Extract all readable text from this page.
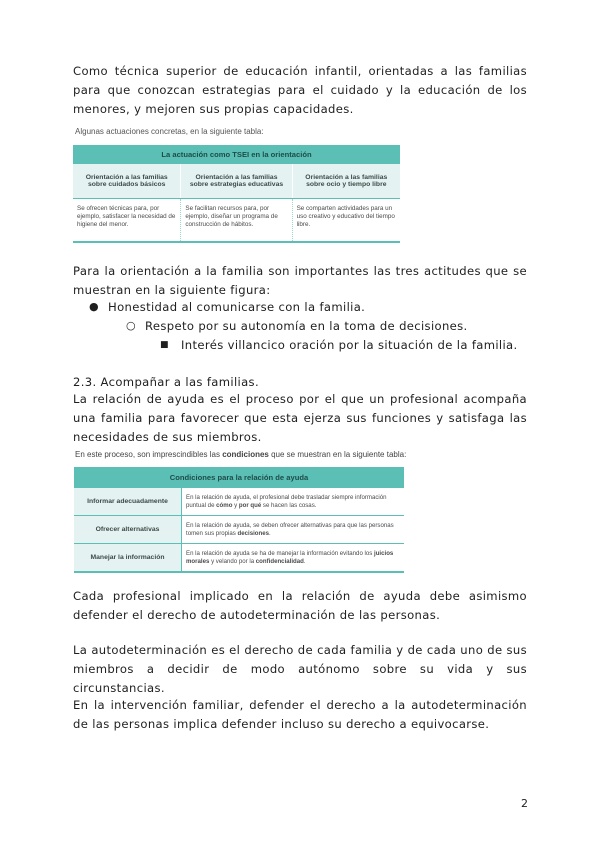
Como técnica superior de educación infantil, orientadas a las familias para que conozcan estrategias para el cuidado y la educación de los menores, y mejoren sus propias capacidades.

Algunas actuaciones concretas, en la siguiente tabla:
La actuación como TSEI en la orientación		
Orientación a las familias sobre cuidados básicos	Orientación a las familias sobre estrategias educativas	Orientación a las familias sobre ocio y tiempo libre
Se ofrecen técnicas para, por ejemplo, satisfacer la necesidad de higiene del menor.	Se facilitan recursos para, por ejemplo, diseñar un programa de construcción de hábitos.	Se comparten actividades para un uso creativo y educativo del tiempo libre.

Para la orientación a la familia son importantes las tres actitudes que se muestran en la siguiente figura:

● Honestidad al comunicarse con la familia.
○ Respeto por su autonomía en la toma de decisiones.
■ Interés villancico oración por la situación de la familia.
2.3. Acompañar a las familias.

La relación de ayuda es el proceso por el que un profesional acompaña una familia para favorecer que esta ejerza sus funciones y satisfaga las necesidades de sus miembros.

En este proceso, son imprescindibles las condiciones que se muestran en la siguiente tabla:
Condiciones para la relación de ayuda	
Informar adecuadamente	En la relación de ayuda, el profesional debe trasladar siempre información puntual de cómo y por qué se hacen las cosas.
Ofrecer alternativas	En la relación de ayuda, se deben ofrecer alternativas para que las personas tomen sus propias decisiones.
Manejar la información	En la relación de ayuda se ha de manejar la información evitando los juicios morales y velando por la confidencialidad.

Cada profesional implicado en la relación de ayuda debe asimismo defender el derecho de autodeterminación de las personas.

La autodeterminación es el derecho de cada familia y de cada uno de sus miembros a decidir de modo autónomo sobre su vida y sus circunstancias.

En la intervención familiar, defender el derecho a la autodeterminación de las personas implica defender incluso su derecho a equivocarse.

2
